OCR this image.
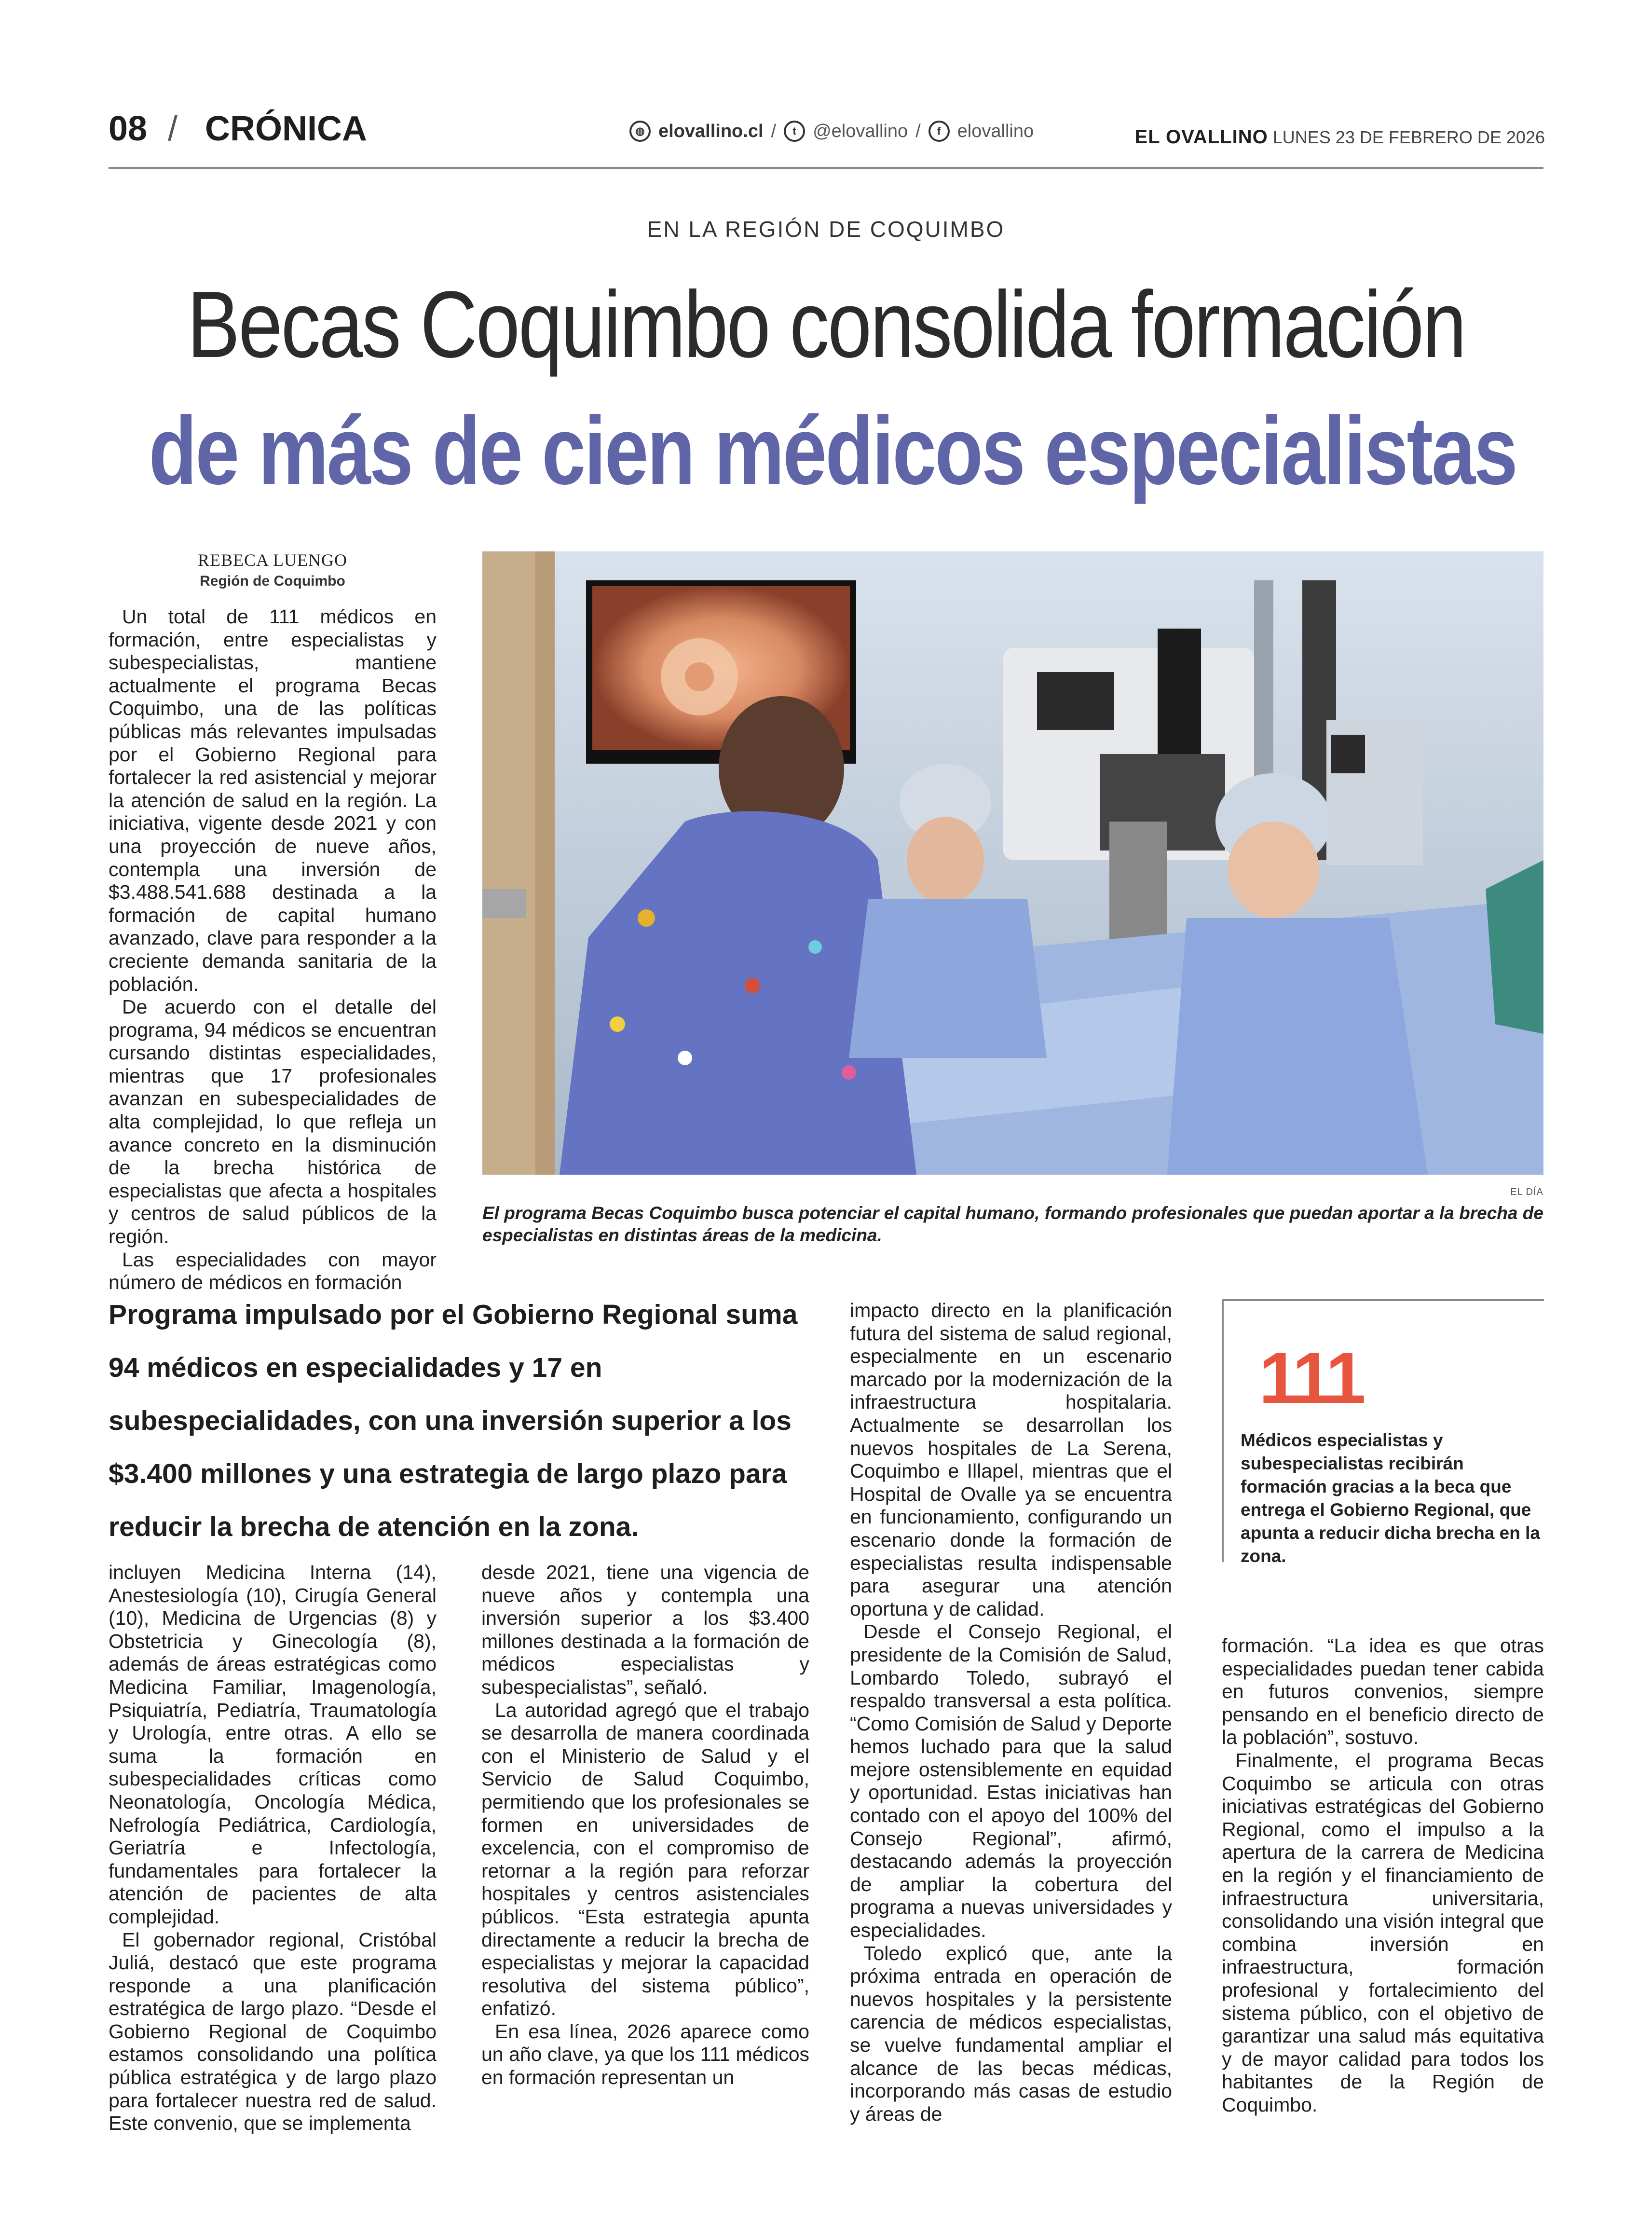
08 / CRÓNICA	◍ elovallino.cl /	t @elovallino /	f elovallino	EL OVALLINO LUNES 23 DE FEBRERO DE 2026
EN LA REGIÓN DE COQUIMBO
Becas Coquimbo consolida formación
de más de cien médicos especialistas
REBECA LUENGO
Región de Coquimbo

Un total de 111 médicos en formación, entre especialistas y subespecialistas, mantiene actualmente el programa Becas Coquimbo, una de las políticas públicas más relevantes impulsadas por el Gobierno Regional para fortalecer la red asistencial y mejorar la atención de salud en la región. La iniciativa, vigente desde 2021 y con una proyección de nueve años, contempla una inversión de $3.488.541.688 destinada a la formación de capital humano avanzado, clave para responder a la creciente demanda sanitaria de la población.

De acuerdo con el detalle del programa, 94 médicos se encuentran cursando distintas especialidades, mientras que 17 profesionales avanzan en subespecialidades de alta complejidad, lo que refleja un avance concreto en la disminución de la brecha histórica de especialistas que afecta a hospitales y centros de salud públicos de la región.

Las especialidades con mayor número de médicos en formación

EL DÍA
El programa Becas Coquimbo busca potenciar el capital humano, formando profesionales que puedan aportar a la brecha de especialistas en distintas áreas de la medicina.
Programa impulsado por el Gobierno Regional suma 94 médicos en especialidades y 17 en subespecialidades, con una inversión superior a los $3.400 millones y una estrategia de largo plazo para reducir la brecha de atención en la zona.

incluyen Medicina Interna (14), Anestesiología (10), Cirugía General (10), Medicina de Urgencias (8) y Obstetricia y Ginecología (8), además de áreas estratégicas como Medicina Familiar, Imagenología, Psiquiatría, Pediatría, Traumatología y Urología, entre otras. A ello se suma la formación en subespecialidades críticas como Neonatología, Oncología Médica, Nefrología Pediátrica, Cardiología, Geriatría e Infectología, fundamentales para fortalecer la atención de pacientes de alta complejidad.

El gobernador regional, Cristóbal Juliá, destacó que este programa responde a una planificación estratégica de largo plazo. “Desde el Gobierno Regional de Coquimbo estamos consolidando una política pública estratégica y de largo plazo para fortalecer nuestra red de salud. Este convenio, que se implementa

desde 2021, tiene una vigencia de nueve años y contempla una inversión superior a los $3.400 millones destinada a la formación de médicos especialistas y subespecialistas”, señaló.

La autoridad agregó que el trabajo se desarrolla de manera coordinada con el Ministerio de Salud y el Servicio de Salud Coquimbo, permitiendo que los profesionales se formen en universidades de excelencia, con el compromiso de retornar a la región para reforzar hospitales y centros asistenciales públicos. “Esta estrategia apunta directamente a reducir la brecha de especialistas y mejorar la capacidad resolutiva del sistema público”, enfatizó.

En esa línea, 2026 aparece como un año clave, ya que los 111 médicos en formación representan un

impacto directo en la planificación futura del sistema de salud regional, especialmente en un escenario marcado por la modernización de la infraestructura hospitalaria. Actualmente se desarrollan los nuevos hospitales de La Serena, Coquimbo e Illapel, mientras que el Hospital de Ovalle ya se encuentra en funcionamiento, configurando un escenario donde la formación de especialistas resulta indispensable para asegurar una atención oportuna y de calidad.

Desde el Consejo Regional, el presidente de la Comisión de Salud, Lombardo Toledo, subrayó el respaldo transversal a esta política. “Como Comisión de Salud y Deporte hemos luchado para que la salud mejore ostensiblemente en equidad y oportunidad. Estas iniciativas han contado con el apoyo del 100% del Consejo Regional”, afirmó, destacando además la proyección de ampliar la cobertura del programa a nuevas universidades y especialidades.

Toledo explicó que, ante la próxima entrada en operación de nuevos hospitales y la persistente carencia de médicos especialistas, se vuelve fundamental ampliar el alcance de las becas médicas, incorporando más casas de estudio y áreas de

111
Médicos especialistas y subespecialistas recibirán formación gracias a la beca que entrega el Gobierno Regional, que apunta a reducir dicha brecha en la zona.

formación. “La idea es que otras especialidades puedan tener cabida en futuros convenios, siempre pensando en el beneficio directo de la población”, sostuvo.

Finalmente, el programa Becas Coquimbo se articula con otras iniciativas estratégicas del Gobierno Regional, como el impulso a la apertura de la carrera de Medicina en la región y el financiamiento de infraestructura universitaria, consolidando una visión integral que combina inversión en infraestructura, formación profesional y fortalecimiento del sistema público, con el objetivo de garantizar una salud más equitativa y de mayor calidad para todos los habitantes de la Región de Coquimbo.
